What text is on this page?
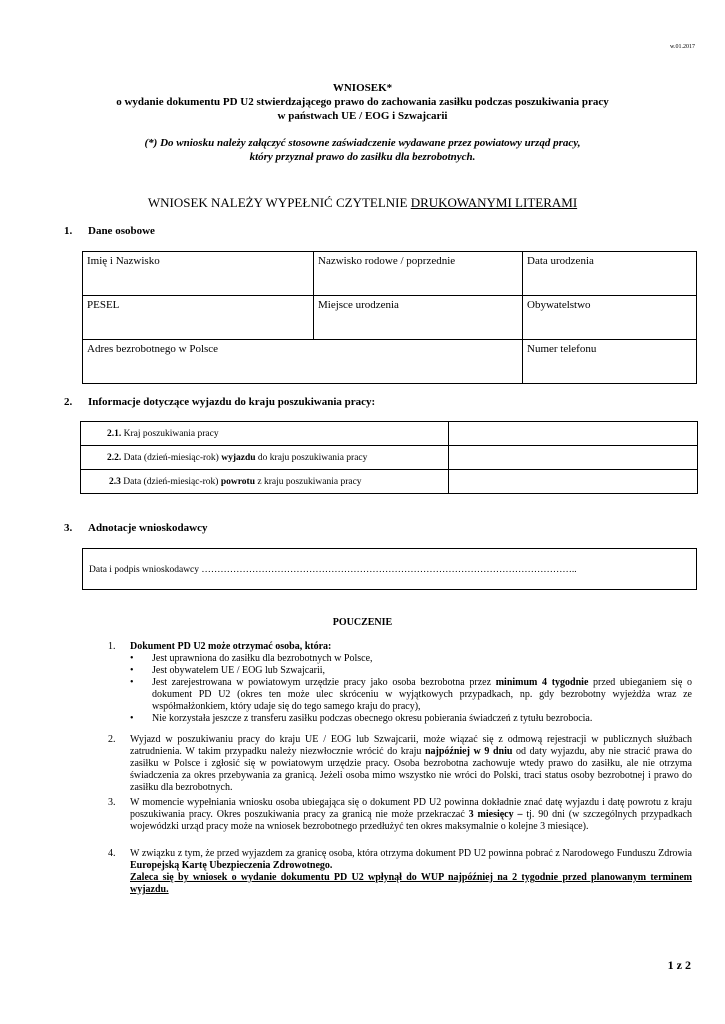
w.01.2017
WNIOSEK*
o wydanie dokumentu PD U2 stwierdzającego prawo do zachowania zasiłku podczas poszukiwania pracy
w państwach UE / EOG i Szwajcarii
(*) Do wniosku należy załączyć stosowne zaświadczenie wydawane przez powiatowy urząd pracy,
który przyznał prawo do zasiłku dla bezrobotnych.
WNIOSEK NALEŻY WYPEŁNIĆ CZYTELNIE DRUKOWANYMI LITERAMI
1. Dane osobowe
Imię i Nazwisko	Nazwisko rodowe / poprzednie	Data urodzenia
PESEL	Miejsce urodzenia	Obywatelstwo
Adres bezrobotnego w Polsce		Numer telefonu
2. Informacje dotyczące wyjazdu do kraju poszukiwania pracy:
2.1. Kraj poszukiwania pracy	
2.2. Data (dzień-miesiąc-rok) wyjazdu do kraju poszukiwania pracy	
2.3 Data (dzień-miesiąc-rok) powrotu z kraju poszukiwania pracy	
3. Adnotacje wnioskodawcy
Data i podpis wnioskodawcy ………………………………………………………………………………………………………..
POUCZENIE
1. Dokument PD U2 może otrzymać osoba, która:
• Jest uprawniona do zasiłku dla bezrobotnych w Polsce,
• Jest obywatelem UE / EOG lub Szwajcarii,
• Jest zarejestrowana w powiatowym urzędzie pracy jako osoba bezrobotna przez minimum 4 tygodnie przed ubieganiem się o dokument PD U2 (okres ten może ulec skróceniu w wyjątkowych przypadkach, np. gdy bezrobotny wyjeżdża wraz ze współmałżonkiem, który udaje się do tego samego kraju do pracy),
• Nie korzystała jeszcze z transferu zasiłku podczas obecnego okresu pobierania świadczeń z tytułu bezrobocia.
2. Wyjazd w poszukiwaniu pracy do kraju UE / EOG lub Szwajcarii, może wiązać się z odmową rejestracji w publicznych służbach zatrudnienia. W takim przypadku należy niezwłocznie wrócić do kraju najpóźniej w 9 dniu od daty wyjazdu, aby nie stracić prawa do zasiłku w Polsce i zgłosić się w powiatowym urzędzie pracy. Osoba bezrobotna zachowuje wtedy prawo do zasiłku, ale nie otrzyma świadczenia za okres przebywania za granicą. Jeżeli osoba mimo wszystko nie wróci do Polski, traci status osoby bezrobotnej i prawo do zasiłku dla bezrobotnych.
3. W momencie wypełniania wniosku osoba ubiegająca się o dokument PD U2 powinna dokładnie znać datę wyjazdu i datę powrotu z kraju poszukiwania pracy. Okres poszukiwania pracy za granicą nie może przekraczać 3 miesięcy – tj. 90 dni (w szczególnych przypadkach wojewódzki urząd pracy może na wniosek bezrobotnego przedłużyć ten okres maksymalnie o kolejne 3 miesiące).
4. W związku z tym, że przed wyjazdem za granicę osoba, która otrzyma dokument PD U2 powinna pobrać z Narodowego Funduszu Zdrowia Europejską Kartę Ubezpieczenia Zdrowotnego.
Zaleca się by wniosek o wydanie dokumentu PD U2 wpłynął do WUP najpóźniej na 2 tygodnie przed planowanym terminem wyjazdu.
1 z 2
